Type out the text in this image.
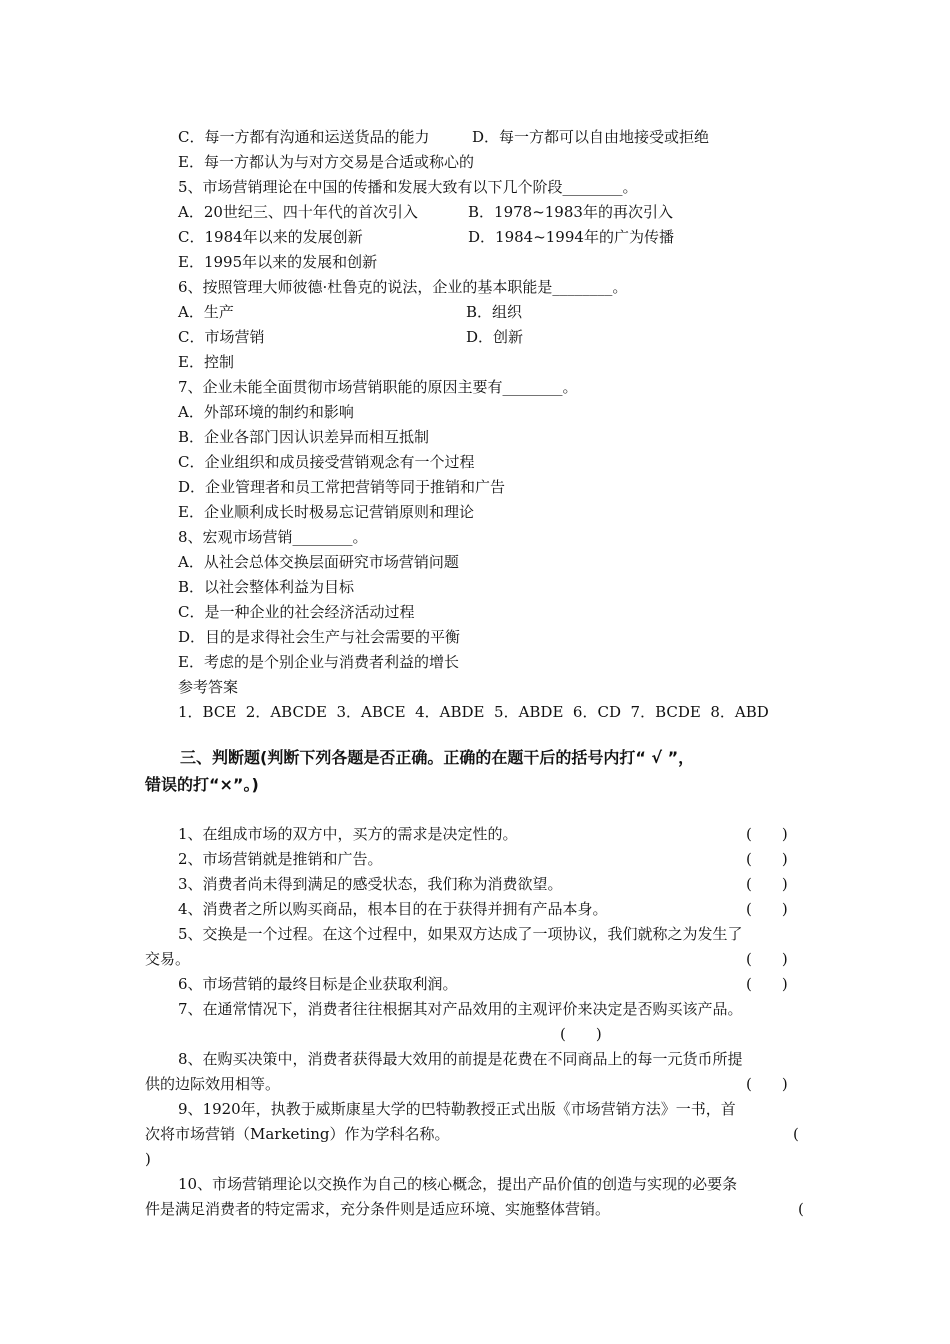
C．每一方都有沟通和运送货品的能力	D．每一方都可以自由地接受或拒绝
E．每一方都认为与对方交易是合适或称心的
5、市场营销理论在中国的传播和发展大致有以下几个阶段________。
A．20世纪三、四十年代的首次引入	B．1978~1983年的再次引入
C．1984年以来的发展创新	D．1984~1994年的广为传播
E．1995年以来的发展和创新
6、按照管理大师彼德·杜鲁克的说法，企业的基本职能是________。
A．生产	B．组织
C．市场营销	D．创新
E．控制
7、企业未能全面贯彻市场营销职能的原因主要有________。
A．外部环境的制约和影响
B．企业各部门因认识差异而相互抵制
C．企业组织和成员接受营销观念有一个过程
D．企业管理者和员工常把营销等同于推销和广告
E．企业顺利成长时极易忘记营销原则和理论
8、宏观市场营销________。
A．从社会总体交换层面研究市场营销问题
B．以社会整体利益为目标
C．是一种企业的社会经济活动过程
D．目的是求得社会生产与社会需要的平衡
E．考虑的是个别企业与消费者利益的增长
参考答案
1．BCE  2．ABCDE  3．ABCE  4．ABDE  5．ABDE  6．CD  7．BCDE  8．ABD
三、判断题(判断下列各题是否正确。正确的在题干后的括号内打“ √ ”，
错误的打“×”。)
1、在组成市场的双方中，买方的需求是决定性的。	(　　)
2、市场营销就是推销和广告。	(　　)
3、消费者尚未得到满足的感受状态，我们称为消费欲望。	(　　)
4、消费者之所以购买商品，根本目的在于获得并拥有产品本身。	(　　)
5、交换是一个过程。在这个过程中，如果双方达成了一项协议，我们就称之为发生了
交易。	(　　)
6、市场营销的最终目标是企业获取利润。	(　　)
7、在通常情况下，消费者往往根据其对产品效用的主观评价来决定是否购买该产品。
(　　)
8、在购买决策中，消费者获得最大效用的前提是花费在不同商品上的每一元货币所提
供的边际效用相等。	(　　)
9、1920年，执教于威斯康星大学的巴特勒教授正式出版《市场营销方法》一书，首
次将市场营销（Marketing）作为学科名称。	(
)
10、市场营销理论以交换作为自己的核心概念，提出产品价值的创造与实现的必要条
件是满足消费者的特定需求，充分条件则是适应环境、实施整体营销。	(
